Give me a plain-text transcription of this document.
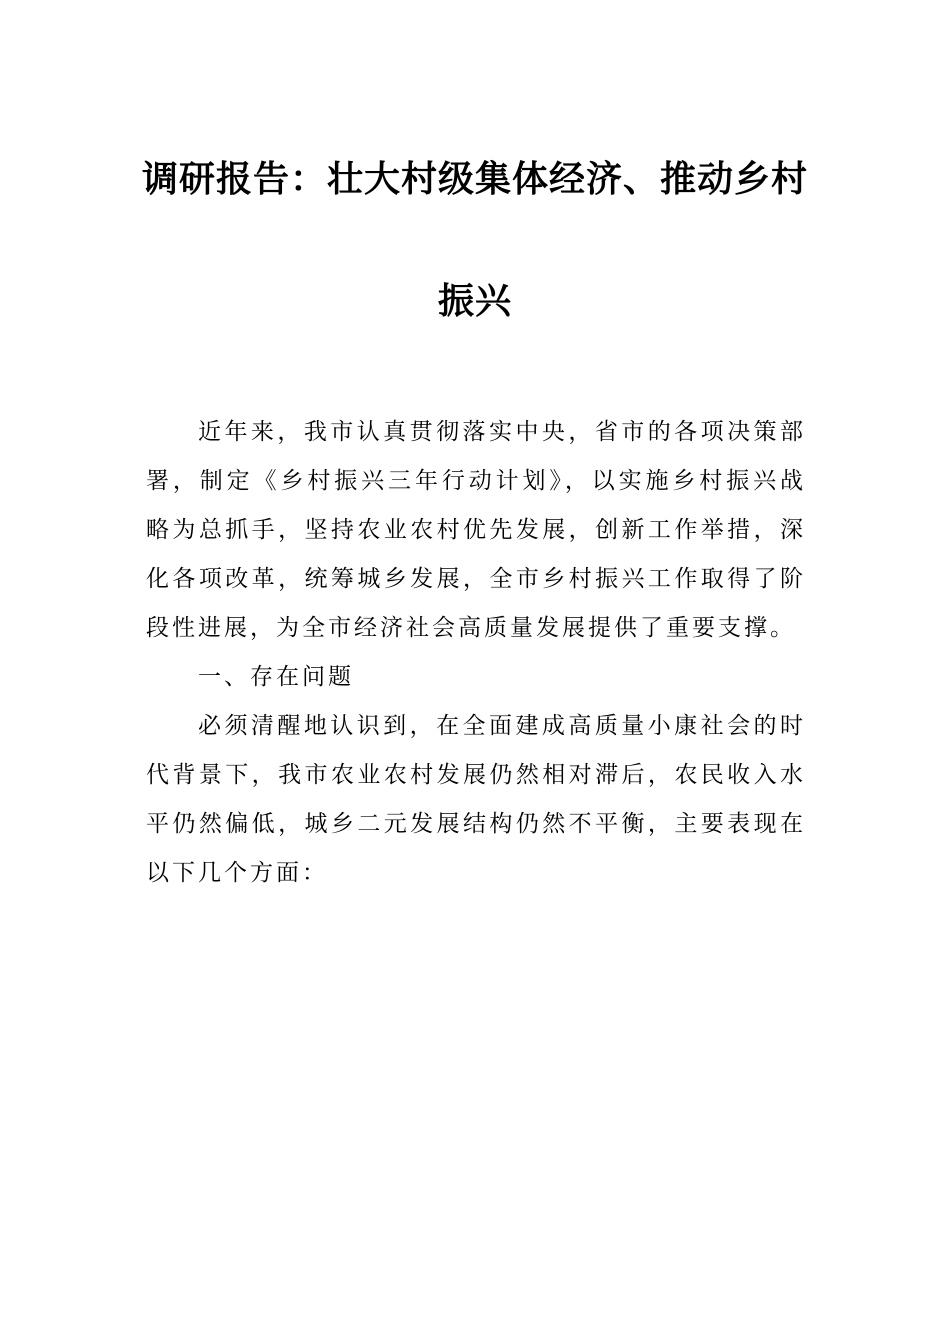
调研报告：壮大村级集体经济、推动乡村
振兴

近年来，我市认真贯彻落实中央，省市的各项决策部署，制定《乡村振兴三年行动计划》，以实施乡村振兴战略为总抓手，坚持农业农村优先发展，创新工作举措，深化各项改革，统筹城乡发展，全市乡村振兴工作取得了阶段性进展，为全市经济社会高质量发展提供了重要支撑。

一、存在问题

必须清醒地认识到，在全面建成高质量小康社会的时代背景下，我市农业农村发展仍然相对滞后，农民收入水平仍然偏低，城乡二元发展结构仍然不平衡，主要表现在以下几个方面：
